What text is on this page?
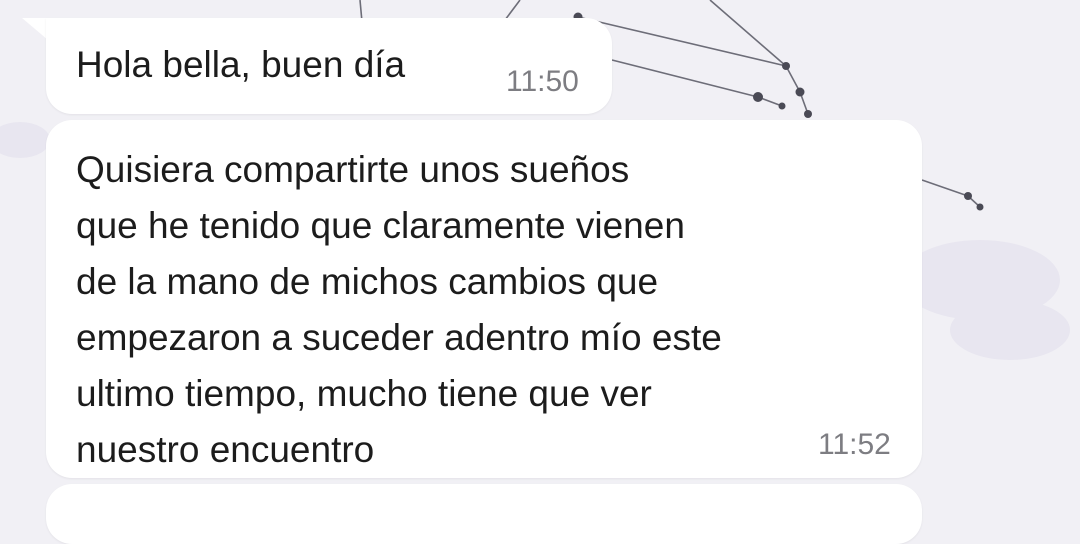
Hola bella, buen día	11:50
Quisiera compartirte unos sueños
que he tenido que claramente vienen
de la mano de michos cambios que
empezaron a suceder adentro mío este
ultimo tiempo, mucho tiene que ver
nuestro encuentro	11:52
